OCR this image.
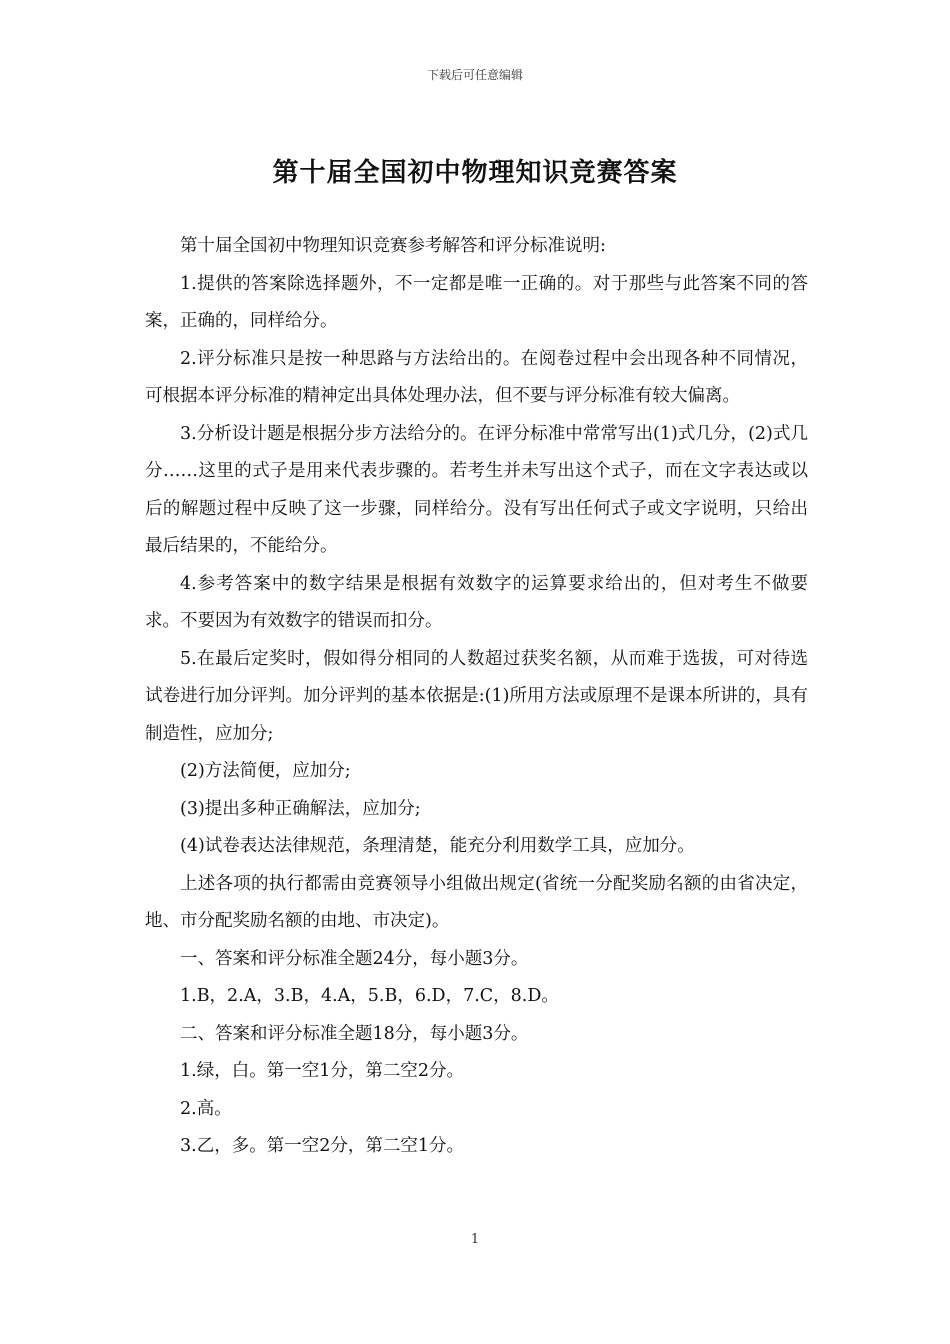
下载后可任意编辑
第十届全国初中物理知识竞赛答案

第十届全国初中物理知识竞赛参考解答和评分标准说明:

1.提供的答案除选择题外，不一定都是唯一正确的。对于那些与此答案不同的答案，正确的，同样给分。

2.评分标准只是按一种思路与方法给出的。在阅卷过程中会出现各种不同情况，可根据本评分标准的精神定出具体处理办法，但不要与评分标准有较大偏离。

3.分析设计题是根据分步方法给分的。在评分标准中常常写出(1)式几分，(2)式几分……这里的式子是用来代表步骤的。若考生并未写出这个式子，而在文字表达或以后的解题过程中反映了这一步骤，同样给分。没有写出任何式子或文字说明，只给出最后结果的，不能给分。

4.参考答案中的数字结果是根据有效数字的运算要求给出的，但对考生不做要求。不要因为有效数字的错误而扣分。

5.在最后定奖时，假如得分相同的人数超过获奖名额，从而难于选拔，可对待选试卷进行加分评判。加分评判的基本依据是:(1)所用方法或原理不是课本所讲的，具有制造性，应加分;

(2)方法简便，应加分;

(3)提出多种正确解法，应加分;

(4)试卷表达法律规范，条理清楚，能充分利用数学工具，应加分。

上述各项的执行都需由竞赛领导小组做出规定(省统一分配奖励名额的由省决定，地、市分配奖励名额的由地、市决定)。

一、答案和评分标准全题24分，每小题3分。

1.B，2.A，3.B，4.A，5.B，6.D，7.C，8.D。

二、答案和评分标准全题18分，每小题3分。

1.绿，白。第一空1分，第二空2分。

2.高。

3.乙，多。第一空2分，第二空1分。

1
